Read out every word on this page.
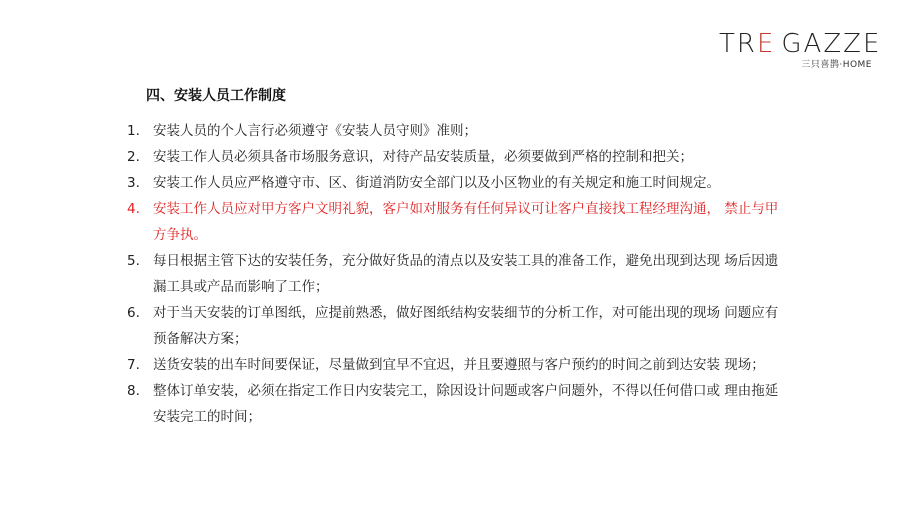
TRE GAZZE
三只喜鹊·HOME
四、安装人员工作制度
1. 安装人员的个人言行必须遵守《安装人员守则》准则；
2. 安装工作人员必须具备市场服务意识，对待产品安装质量，必须要做到严格的控制和把关；
3. 安装工作人员应严格遵守市、区、街道消防安全部门以及小区物业的有关规定和施工时间规定。
4. 安装工作人员应对甲方客户文明礼貌，客户如对服务有任何异议可让客户直接找工程经理沟通， 禁止与甲方争执。
5. 每日根据主管下达的安装任务，充分做好货品的清点以及安装工具的准备工作，避免出现到达现 场后因遗漏工具或产品而影响了工作；
6. 对于当天安装的订单图纸，应提前熟悉，做好图纸结构安装细节的分析工作，对可能出现的现场 问题应有预备解决方案；
7. 送货安装的出车时间要保证，尽量做到宜早不宜迟，并且要遵照与客户预约的时间之前到达安装 现场；
8. 整体订单安装，必须在指定工作日内安装完工，除因设计问题或客户问题外，不得以任何借口或 理由拖延安装完工的时间；
